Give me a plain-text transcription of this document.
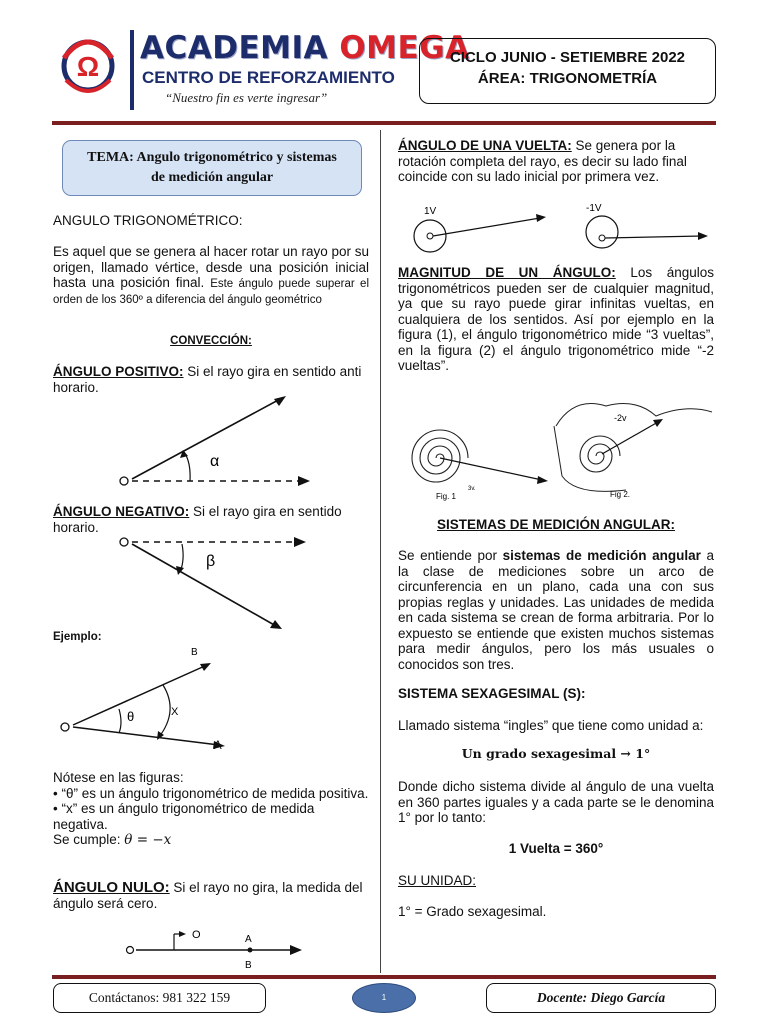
Ω
ACADEMIA OMEGA
CENTRO DE REFORZAMIENTO
“Nuestro fin es verte ingresar”
CICLO JUNIO - SETIEMBRE 2022
ÁREA: TRIGONOMETRÍA
TEMA: Angulo trigonométrico y sistemas
de medición angular
ANGULO TRIGONOMÉTRICO:
Es aquel que se genera al hacer rotar un rayo por su origen, llamado vértice, desde una posición inicial hasta una posición final. Este ángulo puede superar el orden de los 360º a diferencia del ángulo geométrico
CONVECCIÓN:
ÁNGULO POSITIVO: Si el rayo gira en sentido anti horario.
α
ÁNGULO NEGATIVO: Si el rayo gira en sentido horario.
β
Ejemplo:
B
θ	X
A
Nótese en las figuras:
• “θ” es un ángulo trigonométrico de medida positiva.
• “x” es un ángulo trigonométrico de medida negativa.
Se cumple: θ = −x
ÁNGULO NULO: Si el rayo no gira, la medida del ángulo será cero.
O	A
B
ÁNGULO DE UNA VUELTA: Se genera por la rotación completa del rayo, es decir su lado final coincide con su lado inicial por primera vez.
1V	-1V
MAGNITUD DE UN ÁNGULO: Los ángulos trigonométricos pueden ser de cualquier magnitud, ya que su rayo puede girar infinitas vueltas, en cualquiera de los sentidos. Así por ejemplo en la figura (1), el ángulo trigonométrico mide “3 vueltas”, en la figura (2) el ángulo trigonométrico mide “-2 vueltas”.
3v.
Fig. 1
-2v
Fig 2.
SISTEMAS DE MEDICIÓN ANGULAR:
Se entiende por sistemas de medición angular a la clase de mediciones sobre un arco de circunferencia en un plano, cada una con sus propias reglas y unidades. Las unidades de medida en cada sistema se crean de forma arbitraria. Por lo expuesto se entiende que existen muchos sistemas para medir ángulos, pero los más usuales o conocidos son tres.
SISTEMA SEXAGESIMAL (S):
Llamado sistema “ingles” que tiene como unidad a:
Un grado sexagesimal → 1°
Donde dicho sistema divide al ángulo de una vuelta en 360 partes iguales y a cada parte se le denomina 1° por lo tanto:
1 Vuelta = 360°
SU UNIDAD:
1° = Grado sexagesimal.
Contáctanos: 981 322 159	1	Docente: Diego García
